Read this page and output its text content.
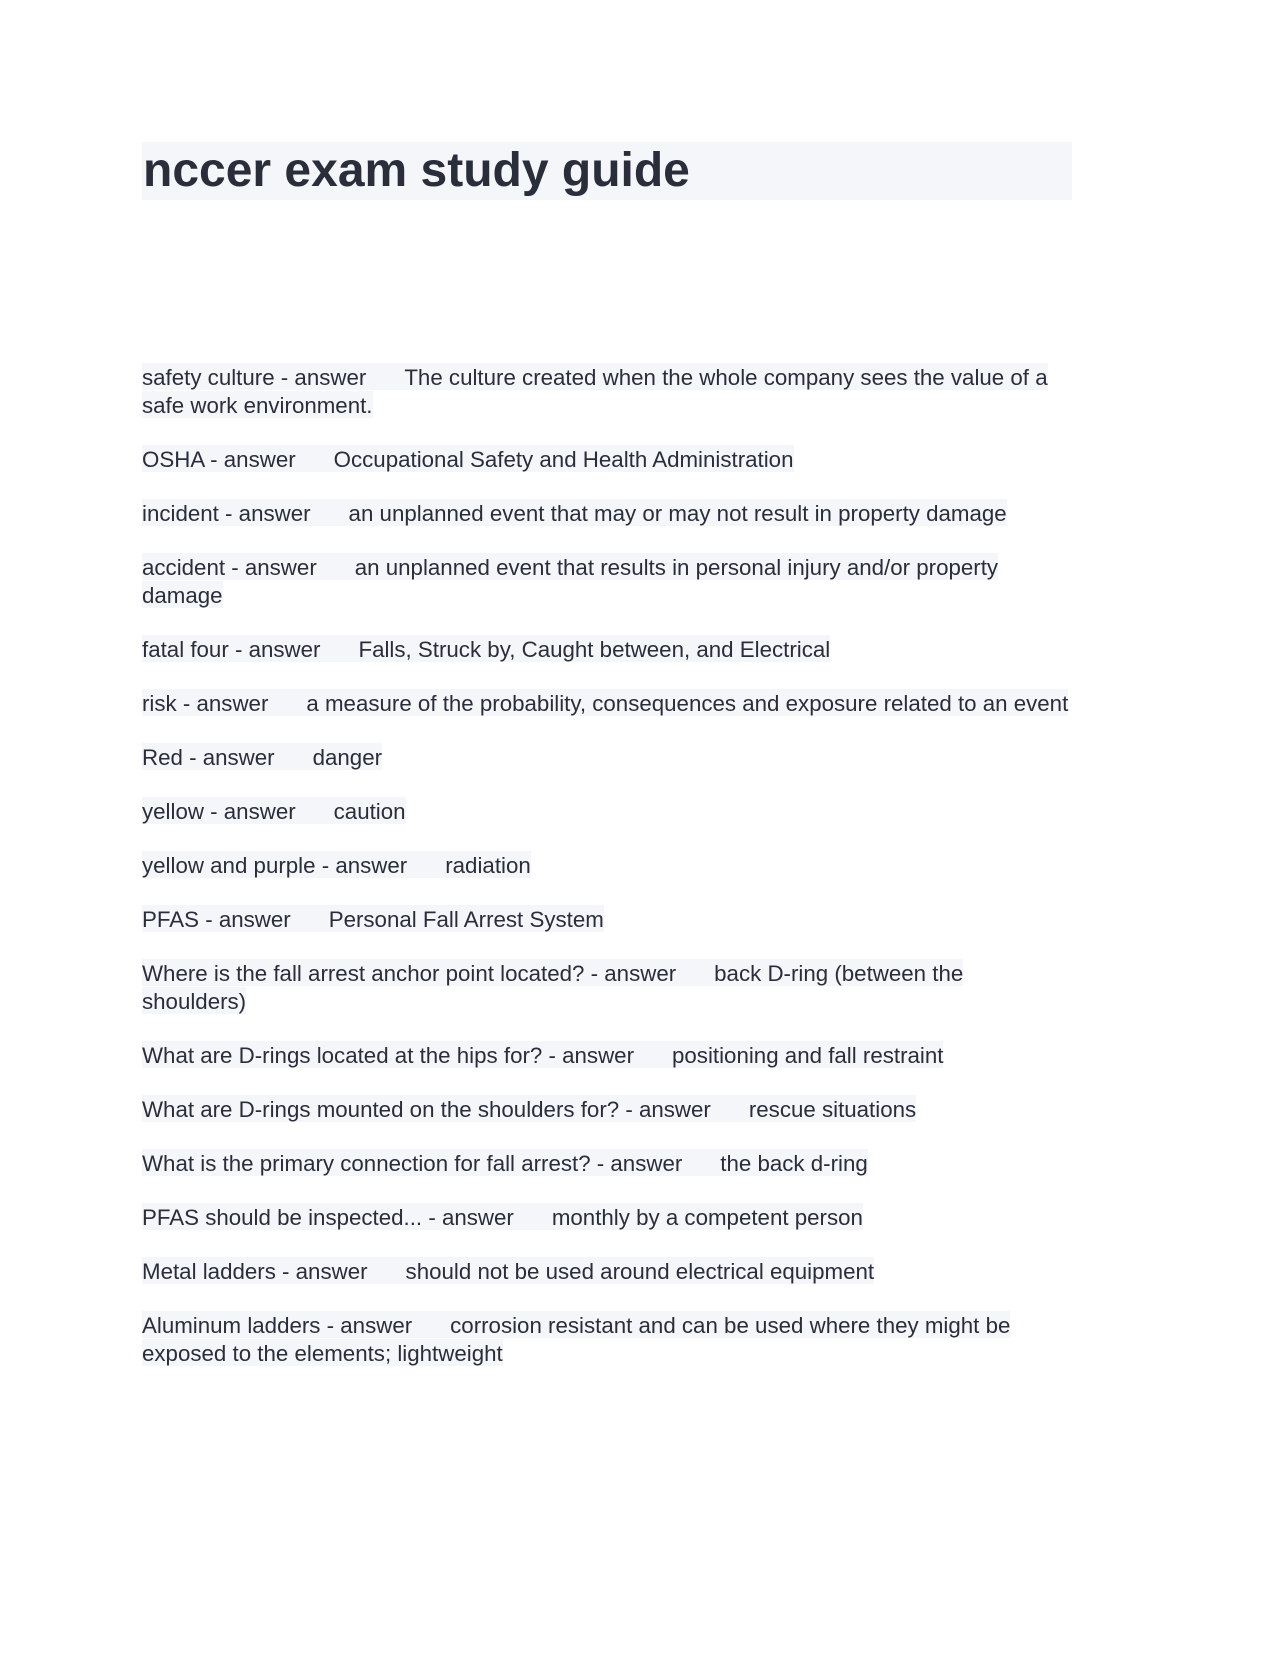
nccer exam study guide

safety culture - answer The culture created when the whole company sees the value of a safe work environment.

OSHA - answer Occupational Safety and Health Administration

incident - answer an unplanned event that may or may not result in property damage

accident - answer an unplanned event that results in personal injury and/or property damage

fatal four - answer Falls, Struck by, Caught between, and Electrical

risk - answer a measure of the probability, consequences and exposure related to an event

Red - answer danger

yellow - answer caution

yellow and purple - answer radiation

PFAS - answer Personal Fall Arrest System

Where is the fall arrest anchor point located? - answer back D-ring (between the shoulders)

What are D-rings located at the hips for? - answer positioning and fall restraint

What are D-rings mounted on the shoulders for? - answer rescue situations

What is the primary connection for fall arrest? - answer the back d-ring

PFAS should be inspected... - answer monthly by a competent person

Metal ladders - answer should not be used around electrical equipment

Aluminum ladders - answer corrosion resistant and can be used where they might be exposed to the elements; lightweight
